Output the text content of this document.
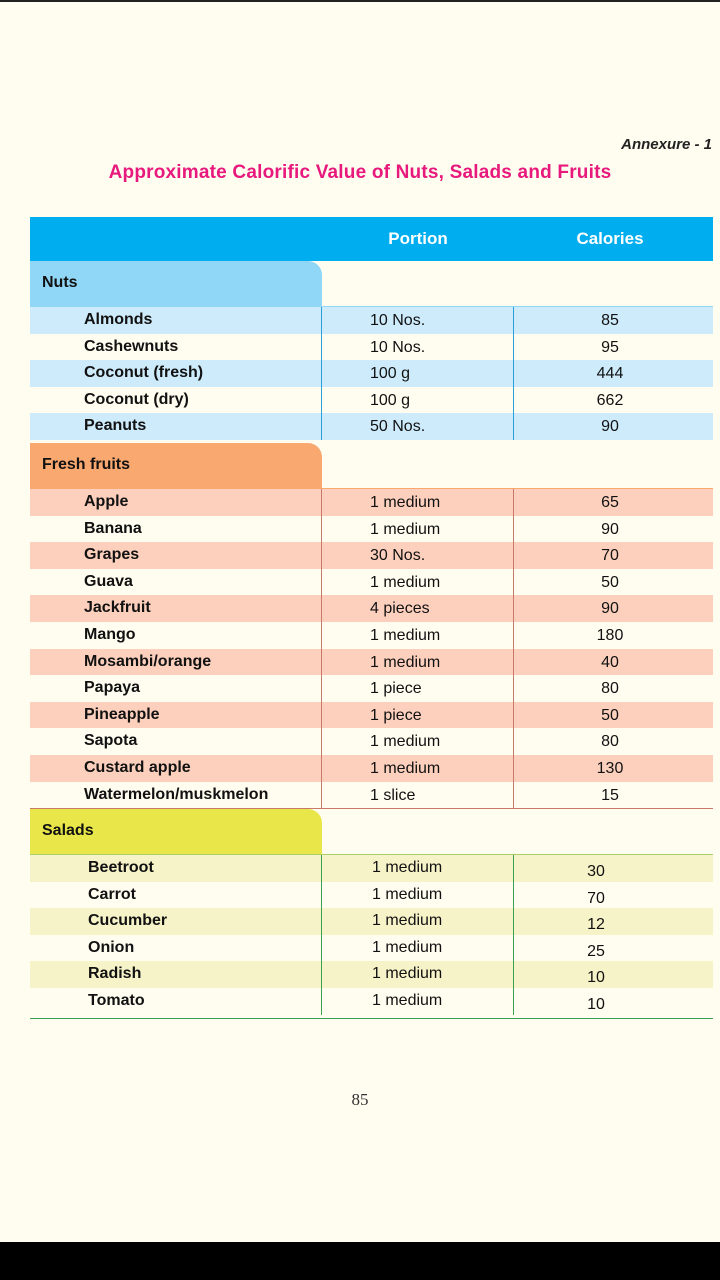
Annexure - 1
Approximate Calorific Value of Nuts, Salads and Fruits
Portion	Calories
Nuts
Almonds	10 Nos.	85
Cashewnuts	10 Nos.	95
Coconut (fresh)	100 g	444
Coconut (dry)	100 g	662
Peanuts	50 Nos.	90
Fresh fruits
Apple	1 medium	65
Banana	1 medium	90
Grapes	30 Nos.	70
Guava	1 medium	50
Jackfruit	4 pieces	90
Mango	1 medium	180
Mosambi/orange	1 medium	40
Papaya	1 piece	80
Pineapple	1 piece	50
Sapota	1 medium	80
Custard apple	1 medium	130
Watermelon/muskmelon	1 slice	15
Salads
Beetroot	1 medium	30
Carrot	1 medium	70
Cucumber	1 medium	12
Onion	1 medium	25
Radish	1 medium	10
Tomato	1 medium	10
85
